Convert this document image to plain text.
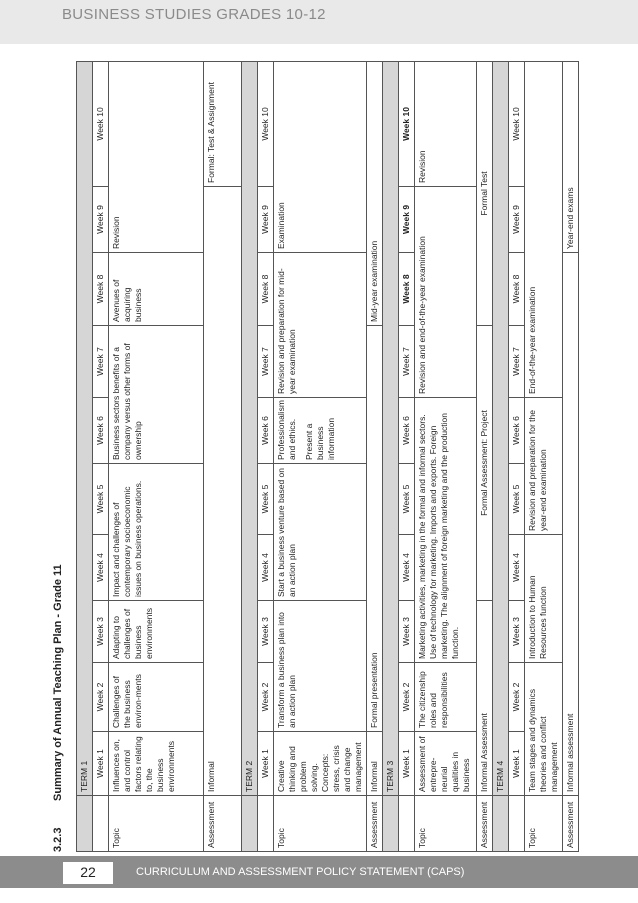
BUSINESS STUDIES GRADES 10-12
3.2.3 Summary of Annual Teaching Plan - Grade 11
	TERM 1									
	Week 1	Week 2	Week 3	Week 4	Week 5	Week 6	Week 7	Week 8	Week 9	Week 10
Topic	Influences on, and control factors relating to, the business environments	Challenges of the business environ-ments	Adapting to challenges of business environments	Impact and challenges of contemporary socioeconomic issues on business operations.		Business sectors benefits of a company versus other forms of ownership		Avenues of acquiring business	Revision	
Assessment	Informal									Formal: Test & Assignment
	TERM 2									
	Week 1	Week 2	Week 3	Week 4	Week 5	Week 6	Week 7	Week 8	Week 9	Week 10
Topic	Creative thinking and problem solving. Concepts: stress, crisis and change management	Transform a business plan into an action plan		Start a business venture based on an action plan		Professionalism and ethics. Present a business information	Revision and preparation for mid-year examination		Examination	
Assessment	Informal	Formal presentation						Mid-year examination		
	TERM 3									
	Week 1	Week 2	Week 3	Week 4	Week 5	Week 6	Week 7	Week 8	Week 9	Week 10
Topic	Assessment of entrepre-neurial qualities in business	The citizenship roles and responsibilities	Marketing activities, marketing in the formal and informal sectors. Use of technology for marketing. Imports and exports. Foreign marketing. The alignment of foreign marketing and the production function.				Revision and end-of-the-year examination			Revision
Assessment	Informal Assessment			Formal Assessment: Project				Formal Test		
	TERM 4									
	Week 1	Week 2	Week 3	Week 4	Week 5	Week 6	Week 7	Week 8	Week 9	Week 10
Topic	Team stages and dynamics theories and conflict management		Introduction to Human Resources function		Revision and preparation for the year-end examination		End-of-the-year examination			
Assessment	Informal assessment								Year-end exams	
22	CURRICULUM AND ASSESSMENT POLICY STATEMENT (CAPS)
